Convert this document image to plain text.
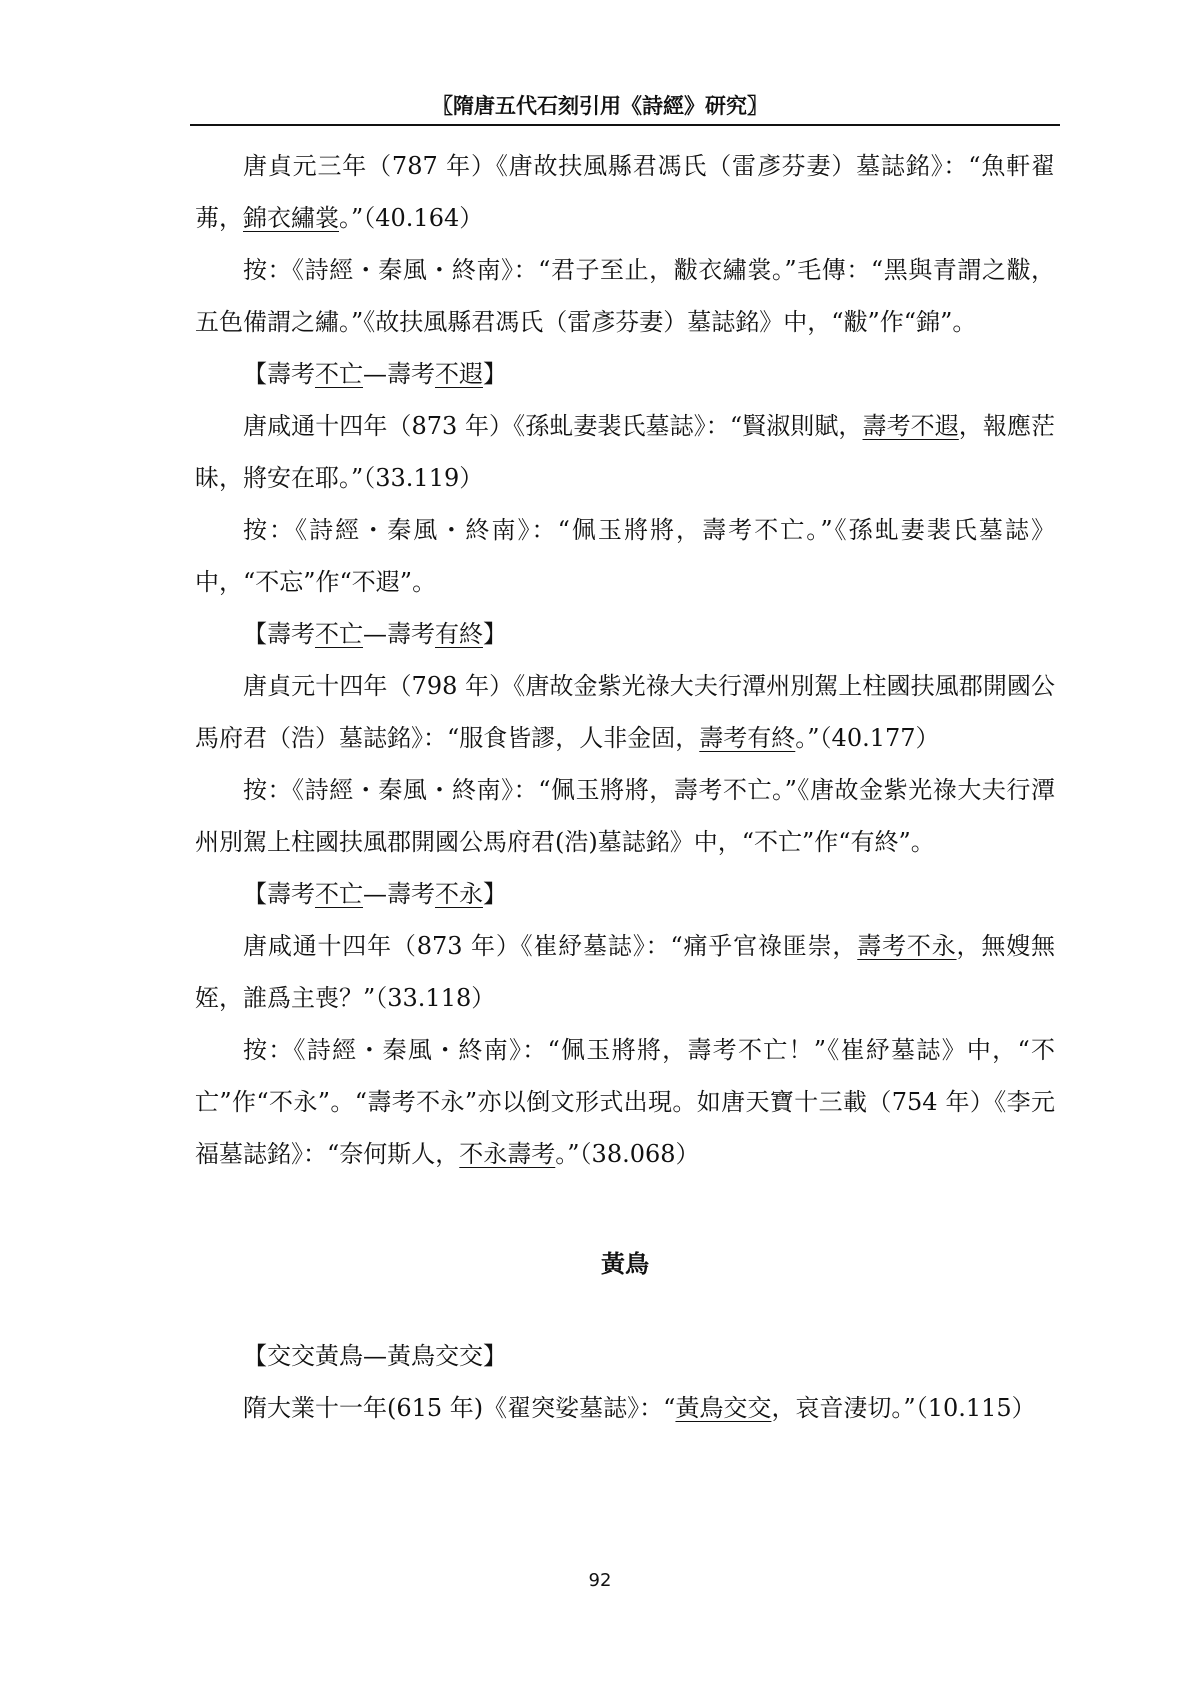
〖隋唐五代石刻引用《詩經》研究〗

唐貞元三年（787 年）《唐故扶風縣君馮氏（雷彥芬妻）墓誌銘》：“魚軒翟茀，錦衣繡裳。”（40.164）

按：《詩經・秦風・終南》：“君子至止，黻衣繡裳。”毛傳：“黑與青謂之黻，五色備謂之繡。”《故扶風縣君馮氏（雷彥芬妻）墓誌銘》中，“黻”作“錦”。

【壽考不亡—壽考不遐】

唐咸通十四年（873 年）《孫虬妻裴氏墓誌》：“賢淑則賦，壽考不遐，報應茫昧，將安在耶。”（33.119）

按：《詩經・秦風・終南》：“佩玉將將，壽考不亡。”《孫虬妻裴氏墓誌》中，“不忘”作“不遐”。

【壽考不亡—壽考有終】

唐貞元十四年（798 年）《唐故金紫光祿大夫行潭州別駕上柱國扶風郡開國公馬府君（浩）墓誌銘》：“服食皆謬，人非金固，壽考有終。”（40.177）

按：《詩經・秦風・終南》：“佩玉將將，壽考不亡。”《唐故金紫光祿大夫行潭州別駕上柱國扶風郡開國公馬府君(浩)墓誌銘》中，“不亡”作“有終”。

【壽考不亡—壽考不永】

唐咸通十四年（873 年）《崔紓墓誌》：“痛乎官祿匪崇，壽考不永，無嫂無姪，誰爲主喪？”（33.118）

按：《詩經・秦風・終南》：“佩玉將將，壽考不亡！”《崔紓墓誌》中，“不亡”作“不永”。“壽考不永”亦以倒文形式出現。如唐天寶十三載（754 年）《李元福墓誌銘》：“奈何斯人，不永壽考。”（38.068）

黃鳥

【交交黃鳥—黃鳥交交】

隋大業十一年(615 年)《翟突娑墓誌》：“黃鳥交交，哀音淒切。”（10.115）

92
